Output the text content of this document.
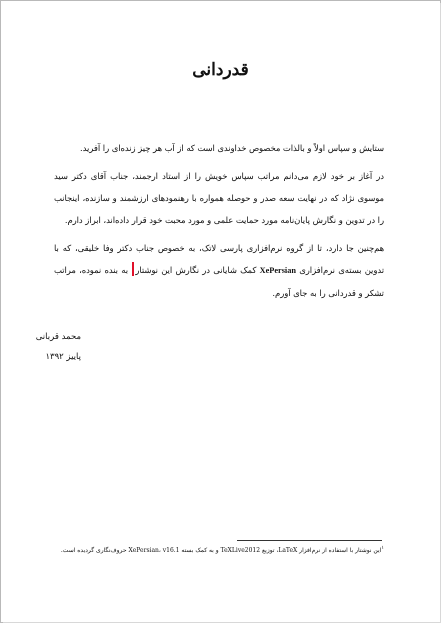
قدردانی

ستایش و سپاس اولاً و بالذات مخصوص خداوندی است که از آب هر چیز زنده‌ای را آفرید.

در آغاز بر خود لازم می‌دانم مراتب سپاس خویش را از استاد ارجمند، جناب آقای دکتر سید موسوی نژاد که در نهایت سعه صدر و حوصله همواره با رهنمودهای ارزشمند و سازنده، اینجانب را در تدوین و نگارش پایان‌نامه مورد حمایت علمی و مورد محبت خود قرار داده‌اند، ابراز دارم.

هم‌چنین جا دارد، تا از گروه نرم‌افزاری پارسی لاتک، به خصوص جناب دکتر وفا خلیقی، که با تدوین بسته‌ی نرم‌افزاری XePersian کمک شایانی در نگارش این نوشتار به بنده نموده، مراتب تشکر و قدردانی را به جای آورم.

محمد قربانی
پاییز ۱۳۹۲
$^۱$این نوشتار با استفاده از نرم‌افزار LaTeX، توزیع TeXLive2012 و به کمک بسته XePersian، v16.1 حروف‌نگاری گردیده است.
